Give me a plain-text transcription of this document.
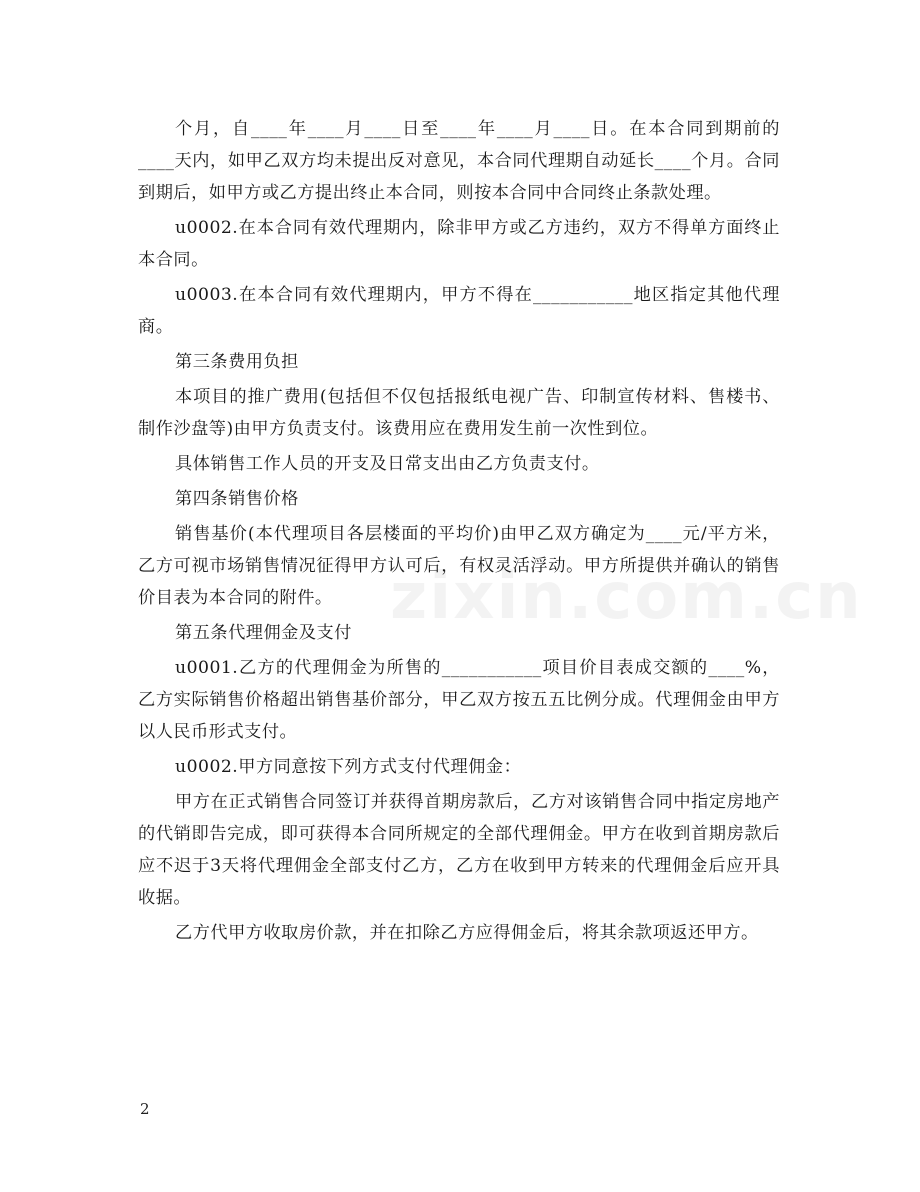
个月，自____年____月____日至____年____月____日。在本合同到期前的____天内，如甲乙双方均未提出反对意见，本合同代理期自动延长____个月。合同到期后，如甲方或乙方提出终止本合同，则按本合同中合同终止条款处理。

u0002.在本合同有效代理期内，除非甲方或乙方违约，双方不得单方面终止本合同。

u0003.在本合同有效代理期内，甲方不得在___________地区指定其他代理商。

第三条费用负担

本项目的推广费用(包括但不仅包括报纸电视广告、印制宣传材料、售楼书、制作沙盘等)由甲方负责支付。该费用应在费用发生前一次性到位。

具体销售工作人员的开支及日常支出由乙方负责支付。

第四条销售价格

销售基价(本代理项目各层楼面的平均价)由甲乙双方确定为____元/平方米，乙方可视市场销售情况征得甲方认可后，有权灵活浮动。甲方所提供并确认的销售价目表为本合同的附件。

第五条代理佣金及支付

u0001.乙方的代理佣金为所售的___________项目价目表成交额的____%，乙方实际销售价格超出销售基价部分，甲乙双方按五五比例分成。代理佣金由甲方以人民币形式支付。

u0002.甲方同意按下列方式支付代理佣金：

甲方在正式销售合同签订并获得首期房款后，乙方对该销售合同中指定房地产的代销即告完成，即可获得本合同所规定的全部代理佣金。甲方在收到首期房款后应不迟于3天将代理佣金全部支付乙方，乙方在收到甲方转来的代理佣金后应开具收据。

乙方代甲方收取房价款，并在扣除乙方应得佣金后，将其余款项返还甲方。

2
